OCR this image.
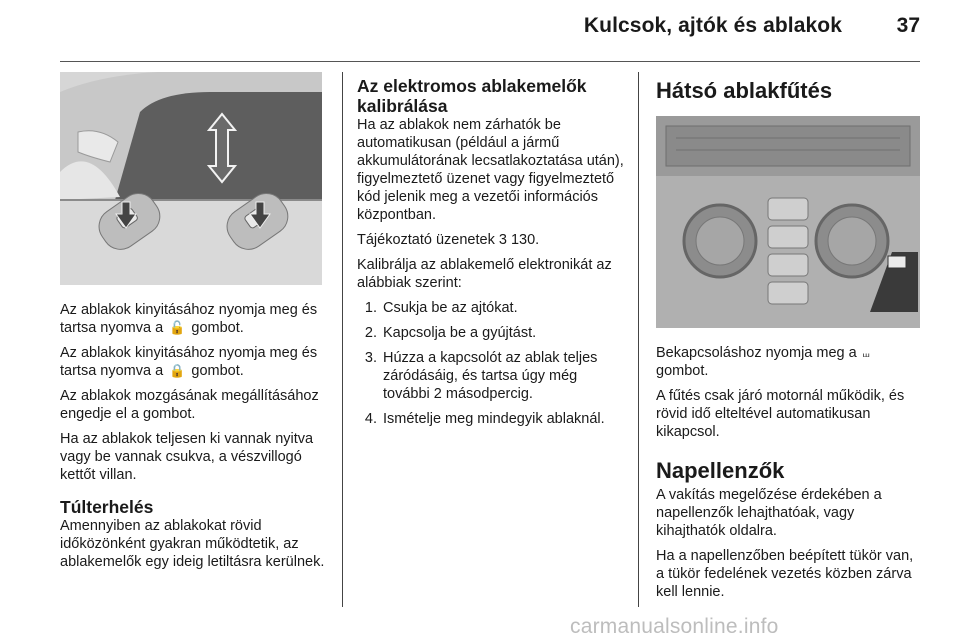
Kulcsok, ajtók és ablakok	37

Az ablakok kinyitásához nyomja meg és tartsa nyomva a 🔓 gombot.

Az ablakok kinyitásához nyomja meg és tartsa nyomva a 🔒 gombot.

Az ablakok mozgásának megállításához engedje el a gombot.

Ha az ablakok teljesen ki vannak nyitva vagy be vannak csukva, a vészvillogó kettőt villan.

Túlterhelés

Amennyiben az ablakokat rövid időközönként gyakran működtetik, az ablakemelők egy ideig letiltásra kerülnek.

Az elektromos ablakemelők kalibrálása

Ha az ablakok nem zárhatók be automatikusan (például a jármű akkumulátorának lecsatlakoztatása után), figyelmeztető üzenet vagy figyelmeztető kód jelenik meg a vezetői információs központban.

Tájékoztató üzenetek 3 130.

Kalibrálja az ablakemelő elektronikát az alábbiak szerint:

1. Csukja be az ajtókat.
2. Kapcsolja be a gyújtást.
3. Húzza a kapcsolót az ablak teljes záródásáig, és tartsa úgy még további 2 másodpercig.
4. Ismételje meg mindegyik ablaknál.
Hátsó ablakfűtés

Bekapcsoláshoz nyomja meg a ⧢ gombot.

A fűtés csak járó motornál működik, és rövid idő elteltével automatikusan kikapcsol.

Napellenzők

A vakítás megelőzése érdekében a napellenzők lehajthatóak, vagy kihajthatók oldalra.

Ha a napellenzőben beépített tükör van, a tükör fedelének vezetés közben zárva kell lennie.

carmanualsonline.info
